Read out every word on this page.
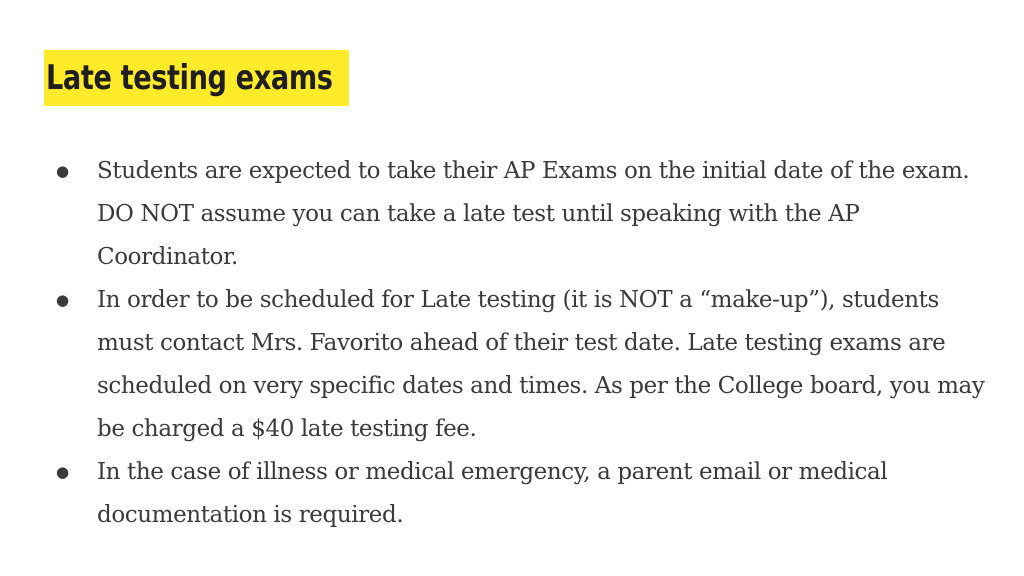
Late testing exams
● Students are expected to take their AP Exams on the initial date of the exam. DO NOT assume you can take a late test until speaking with the AP Coordinator.
● In order to be scheduled for Late testing (it is NOT a “make-up”), students must contact Mrs. Favorito ahead of their test date. Late testing exams are scheduled on very specific dates and times. As per the College board, you may be charged a $40 late testing fee.
● In the case of illness or medical emergency, a parent email or medical documentation is required.
